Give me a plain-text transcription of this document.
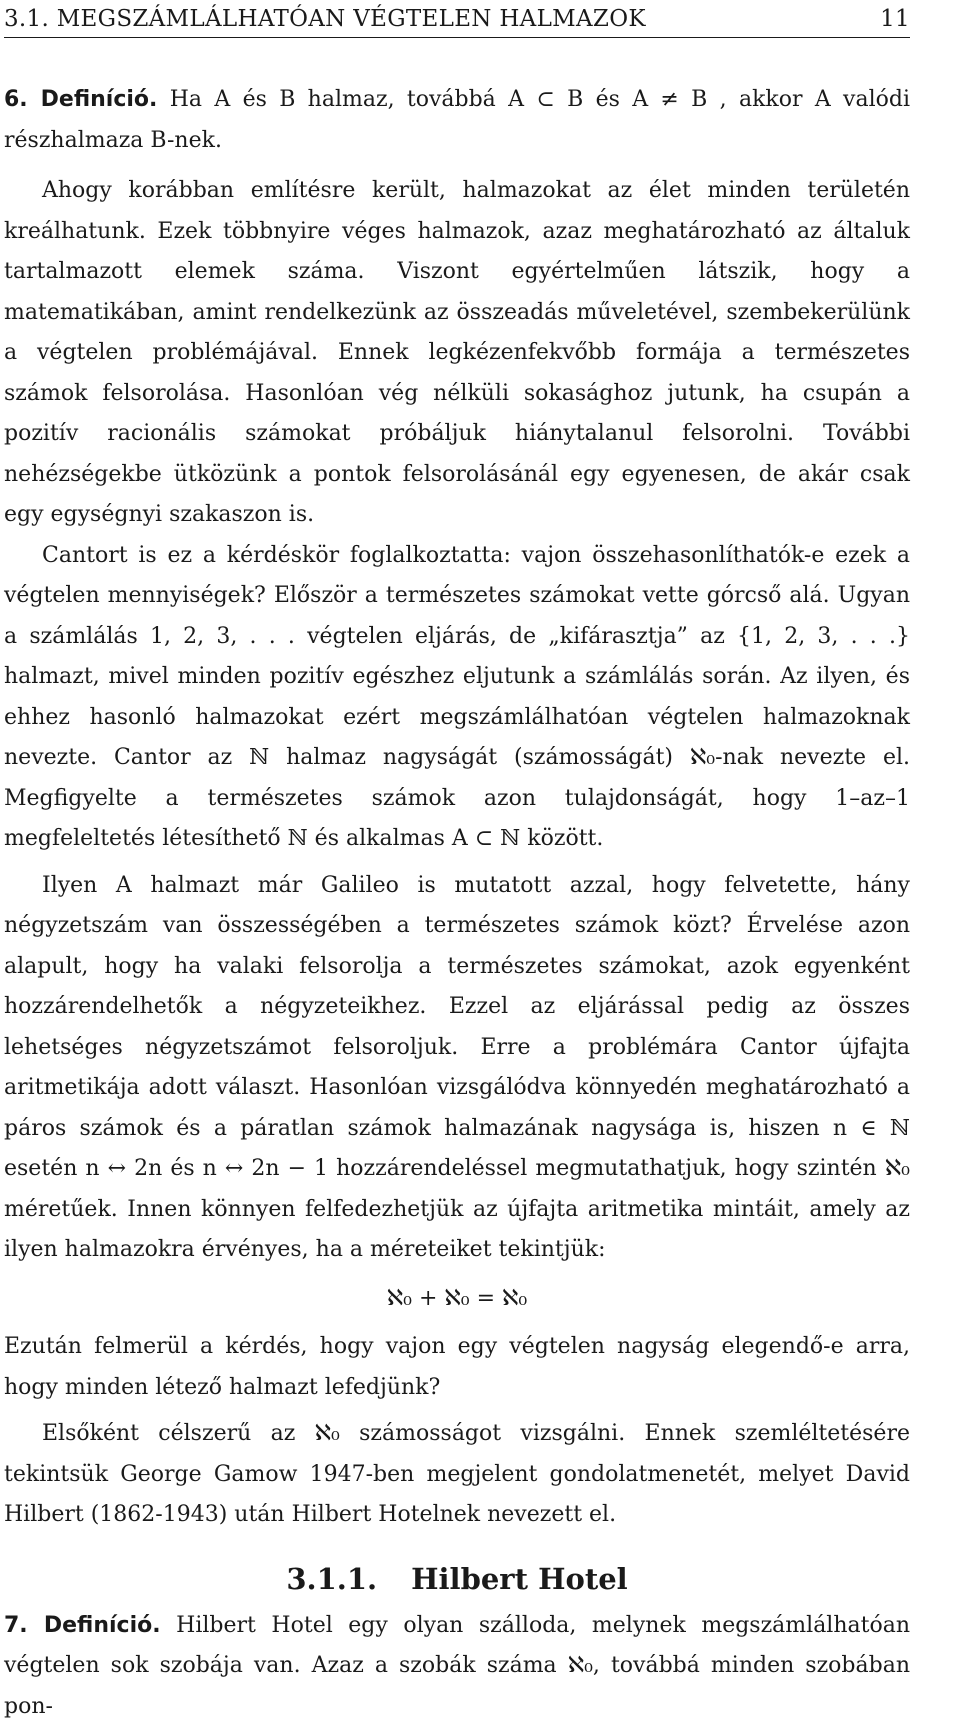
3.1. MEGSZÁMLÁLHATÓAN VÉGTELEN HALMAZOK	11

6. Definíció. Ha A és B halmaz, továbbá A ⊂ B és A ≠ B , akkor A valódi részhalmaza B-nek.

Ahogy korábban említésre került, halmazokat az élet minden területén kreálhatunk. Ezek többnyire véges halmazok, azaz meghatározható az általuk tartalmazott elemek száma. Viszont egyértelműen látszik, hogy a matematikában, amint rendelkezünk az összeadás műveletével, szembekerülünk a végtelen problémájával. Ennek legkézenfekvőbb formája a természetes számok felsorolása. Hasonlóan vég nélküli sokasághoz jutunk, ha csupán a pozitív racionális számokat próbáljuk hiánytalanul felsorolni. További nehézségekbe ütközünk a pontok felsorolásánál egy egyenesen, de akár csak egy egységnyi szakaszon is.

Cantort is ez a kérdéskör foglalkoztatta: vajon összehasonlíthatók-e ezek a végtelen mennyiségek? Először a természetes számokat vette górcső alá. Ugyan a számlálás 1, 2, 3, . . . végtelen eljárás, de „kifárasztja” az {1, 2, 3, . . .} halmazt, mivel minden pozitív egészhez eljutunk a számlálás során. Az ilyen, és ehhez hasonló halmazokat ezért megszámlálhatóan végtelen halmazoknak nevezte. Cantor az ℕ halmaz nagyságát (számosságát) ℵ₀-nak nevezte el. Megfigyelte a természetes számok azon tulajdonságát, hogy 1–az–1 megfeleltetés létesíthető ℕ és alkalmas A ⊂ ℕ között.

Ilyen A halmazt már Galileo is mutatott azzal, hogy felvetette, hány négyzetszám van összességében a természetes számok közt? Érvelése azon alapult, hogy ha valaki felsorolja a természetes számokat, azok egyenként hozzárendelhetők a négyzeteikhez. Ezzel az eljárással pedig az összes lehetséges négyzetszámot felsoroljuk. Erre a problémára Cantor újfajta aritmetikája adott választ. Hasonlóan vizsgálódva könnyedén meghatározható a páros számok és a páratlan számok halmazának nagysága is, hiszen n ∈ ℕ esetén n ↔ 2n és n ↔ 2n − 1 hozzárendeléssel megmutathatjuk, hogy szintén ℵ₀ méretűek. Innen könnyen felfedezhetjük az újfajta aritmetika mintáit, amely az ilyen halmazokra érvényes, ha a méreteiket tekintjük:

ℵ₀ + ℵ₀ = ℵ₀

Ezután felmerül a kérdés, hogy vajon egy végtelen nagyság elegendő-e arra, hogy minden létező halmazt lefedjünk?

Elsőként célszerű az ℵ₀ számosságot vizsgálni. Ennek szemléltetésére tekintsük George Gamow 1947-ben megjelent gondolatmenetét, melyet David Hilbert (1862-1943) után Hilbert Hotelnek nevezett el.

3.1.1. Hilbert Hotel

7. Definíció. Hilbert Hotel egy olyan szálloda, melynek megszámlálhatóan végtelen sok szobája van. Azaz a szobák száma ℵ₀, továbbá minden szobában pon-
